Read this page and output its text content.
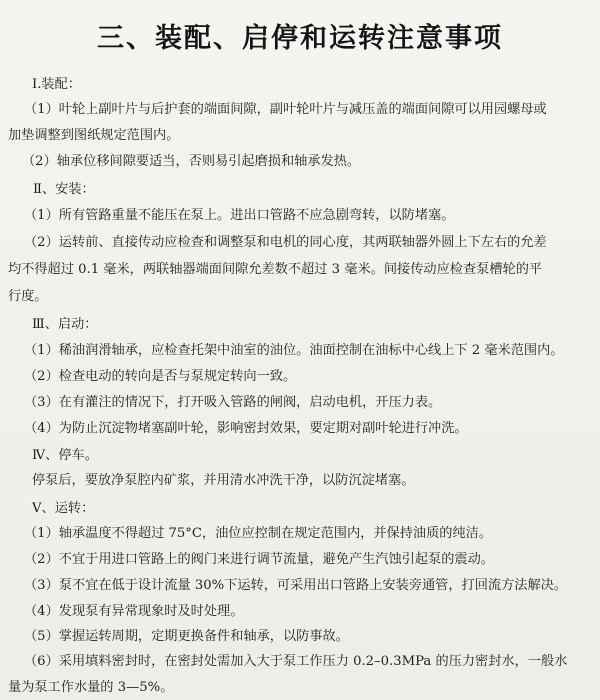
三、装配、启停和运转注意事项
Ⅰ.装配：
（1）叶轮上副叶片与后护套的端面间隙，副叶轮叶片与减压盖的端面间隙可以用园螺母或
加垫调整到图纸规定范围内。
（2）轴承位移间隙要适当，否则易引起磨损和轴承发热。
Ⅱ、安装：
（1）所有管路重量不能压在泵上。进出口管路不应急剧弯转，以防堵塞。
（2）运转前、直接传动应检查和调整泵和电机的同心度，其两联轴器外圆上下左右的允差
均不得超过 0.1 毫米，两联轴器端面间隙允差数不超过 3 毫米。间接传动应检查泵槽轮的平
行度。
Ⅲ、启动：
（1）稀油润滑轴承，应检查托架中油室的油位。油面控制在油标中心线上下 2 毫米范围内。
（2）检查电动的转向是否与泵规定转向一致。
（3）在有灌注的情况下，打开吸入管路的闸阀，启动电机，开压力表。
（4）为防止沉淀物堵塞副叶轮，影响密封效果，要定期对副叶轮进行冲洗。
Ⅳ、停车。
停泵后，要放净泵腔内矿浆，并用清水冲洗干净，以防沉淀堵塞。
Ⅴ、运转：
（1）轴承温度不得超过 75°C，油位应控制在规定范围内，并保持油质的纯洁。
（2）不宜于用进口管路上的阀门来进行调节流量，避免产生汽蚀引起泵的震动。
（3）泵不宜在低于设计流量 30%下运转，可采用出口管路上安装旁通管，打回流方法解决。
（4）发现泵有异常现象时及时处理。
（5）掌握运转周期，定期更换备件和轴承，以防事故。
（6）采用填料密封时，在密封处需加入大于泵工作压力 0.2–0.3MPa 的压力密封水，一般水
量为泵工作水量的 3—5%。
